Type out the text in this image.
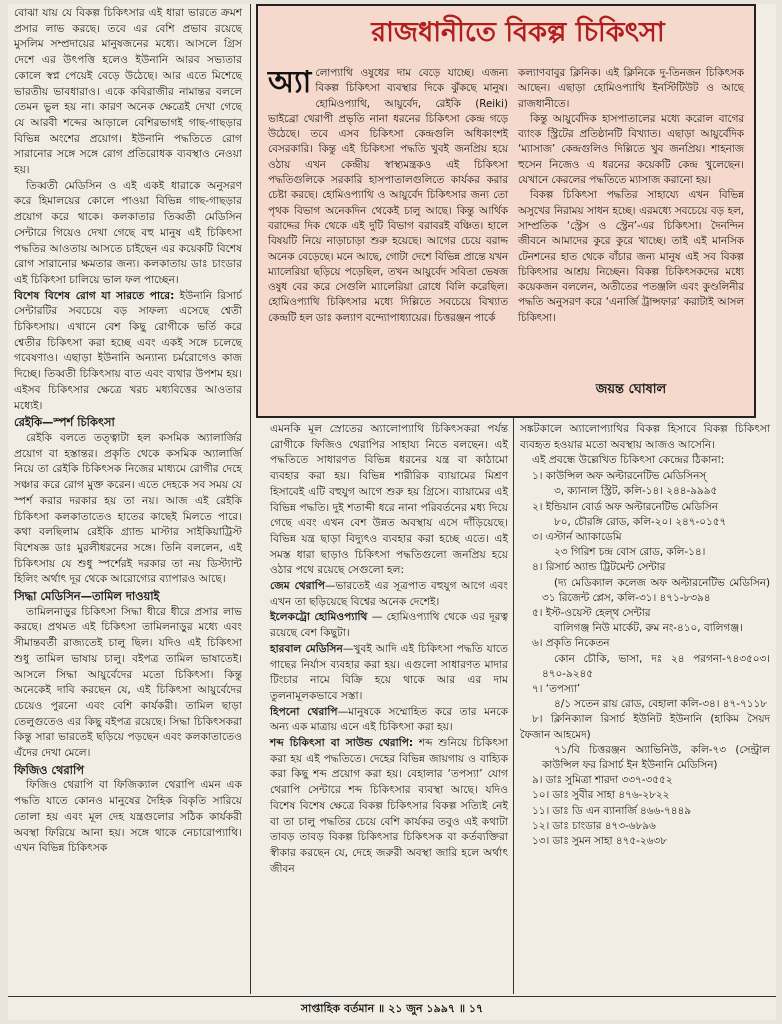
বোঝা যায় যে বিকল্প চিকিৎসার এই ধারা ভারতে ক্রমশ প্রসার লাভ করছে। তবে এর বেশি প্রভাব রয়েছে মুসলিম সম্প্রদায়ের মানুষজনের মধ্যে। আসলে গ্রিস দেশে এর উৎপত্তি হলেও ইউনানি আরব সভ্যতার কোলে স্বপ্ন পেয়েই বেড়ে উঠেছে। আর এতে মিশেছে ভারতীয় ভাবধারাও। একে কবিরাজীর নামান্তর বললে তেমন ভুল হয় না। কারণ অনেক ক্ষেত্রেই দেখা গেছে যে আরবী শব্দের আড়ালে বেশিরভাগই গাছ-গাছড়ার বিভিন্ন অংশের প্রয়োগ। ইউনানি পদ্ধতিতে রোগ সারানোর সঙ্গে সঙ্গে রোগ প্রতিরোধক ব্যবস্থাও নেওয়া হয়।

তিব্বতী মেডিসিন ও এই একই ধারাকে অনুসরণ করে হিমালয়ের কোলে পাওয়া বিভিন্ন গাছ-গাছড়ার প্রয়োগ করে থাকে। কলকাতার তিব্বতী মেডিসিন সেন্টারে গিয়েও দেখা গেছে বহু মানুষ এই চিকিৎসা পদ্ধতির আওতায় আসতে চাইছেন এর কয়েকটি বিশেষ রোগ সারানোর ক্ষমতার জন্য। কলকাতায় ডাঃ চাংডার এই চিকিৎসা চালিয়ে ভাল ফল পাচ্ছেন।

বিশেষ বিশেষ রোগ যা সারতে পারে: ইউনানি রিসার্চ সেন্টারটির সবচেয়ে বড় সাফল্য এসেছে শ্বেতী চিকিৎসায়। এখানে বেশ কিছু রোগীকে ভর্তি করে শ্বেতীর চিকিৎসা করা হচ্ছে এবং একই সঙ্গে চলেছে গবেষণাও। এছাড়া ইউনানি অন্যান্য চর্মরোগেও কাজ দিচ্ছে। তিব্বতী চিকিৎসায় বাত এবং ব্যথার উপশম হয়। এইসব চিকিৎসার ক্ষেত্রে খরচ মধ্যবিত্তের আওতার মধ্যেই।

রেইকি—স্পর্শ চিকিৎসা

রেইকি বলতে তত্ত্বাটা হল কসমিক অ্যালার্জির প্রয়োগ বা হস্তান্তর। প্রকৃতি থেকে কসমিক অ্যালার্জি নিয়ে তা রেইকি চিকিৎসক নিজের মাধ্যমে রোগীর দেহে সঞ্চার করে রোগ মুক্ত করেন। এতে দেহকে সব সময় যে স্পর্শ করার দরকার হয় তা নয়। আজ এই রেইকি চিকিৎসা কলকাতাতেও হাতের কাছেই মিলতে পারে। কথা বলছিলাম রেইকি গ্র্যান্ড মাস্টার সাইকিয়াট্রিস্ট বিশেষজ্ঞ ডাঃ মুরলীধরনের সঙ্গে। তিনি বললেন, এই চিকিৎসায় যে শুধু স্পর্শেরই দরকার তা নয় ডিস্ট্যান্ট হিলিং অর্থাৎ দূর থেকে আরোগ্যের ব্যাপারও আছে।

সিদ্ধা মেডিসিন—তামিল দাওয়াই

তামিলনাড়ুর চিকিৎসা সিদ্ধা ধীরে ধীরে প্রসার লাভ করছে। প্রথমত এই চিকিৎসা তামিলনাড়ুর মধ্যে এবং সীমান্তবর্তী রাজ্যতেই চালু ছিল। যদিও এই চিকিৎসা শুধু তামিল ভাষায় চালু। বইপত্র তামিল ভাষাতেই। আসলে সিদ্ধা আয়ুর্বেদের মতো চিকিৎসা। কিন্তু অনেকেই দাবি করছেন যে, এই চিকিৎসা আয়ুর্বেদের চেয়েও পুরনো এবং বেশি কার্যকরী। তামিল ছাড়া তেলুগুতেও এর কিছু বইপত্র রয়েছে। সিদ্ধা চিকিৎসকরা কিন্তু সারা ভারতেই ছড়িয়ে পড়ছেন এবং কলকাতাতেও এঁদের দেখা মেলে।

ফিজিও থেরাপি

ফিজিও থেরাপি বা ফিজিক্যাল থেরাপি এমন এক পদ্ধতি যাতে কোনও মানুষের দৈহিক বিকৃতি সারিয়ে তোলা হয় এবং মূল দেহ যন্ত্রগুলোর সঠিক কার্যকরী অবস্থা ফিরিয়ে আনা হয়। সঙ্গে থাকে নেচারোপ্যাথি। এখন বিভিন্ন চিকিৎসক

রাজধানীতে বিকল্প চিকিৎসা

অ্যা লোপ্যাথি ওষুধের দাম বেড়ে যাচ্ছে। এজন্য বিকল্প চিকিৎসা ব্যবস্থার দিকে ঝুঁকছে মানুষ। হোমিওপ্যাথি, আয়ুর্বেদ, রেইকি (Reiki) ভাইব্রো থেরাপী প্রভৃতি নানা ধরনের চিকিৎসা কেন্দ্র গড়ে উঠেছে। তবে এসব চিকিৎসা কেন্দ্রগুলি অধিকাংশই বেসরকারি। কিন্তু এই চিকিৎসা পদ্ধতি খুবই জনপ্রিয় হয়ে ওঠায় এখন কেন্দ্রীয় স্বাস্থ্যমন্ত্রকও এই চিকিৎসা পদ্ধতিগুলিকে সরকারি হাসপাতালগুলিতে কার্যকর করার চেষ্টা করছে। হোমিওপ্যাথি ও আয়ুর্বেদ চিকিৎসার জন্য তো পৃথক বিভাগ অনেকদিন থেকেই চালু আছে। কিন্তু আর্থিক বরাদ্দের দিক থেকে এই দুটি বিভাগ বরাবরই বঞ্চিত। হালে বিষয়টি নিয়ে নাড়াচাড়া শুরু হয়েছে। আগের চেয়ে বরাদ্দ অনেক বেড়েছে। মনে আছে, গোটা দেশে বিভিন্ন প্রান্তে যখন ম্যালেরিয়া ছড়িয়ে পড়েছিল, তখন আয়ুর্বেদ সবিতা ভেষজ ওষুধ বের করে সেগুলি ম্যালেরিয়া রোধে বিলি করেছিল। হোমিওপ্যাথি চিকিৎসার মধ্যে দিল্লিতে সবচেয়ে বিখ্যাত কেন্দ্রটি হল ডাঃ কল্যাণ বন্দ্যোপাধ্যায়ের। চিত্তরঞ্জন পার্কে

কল্যাণবাবুর ক্লিনিক। এই ক্লিনিকে দু-তিনজন চিকিৎসক আছেন। এছাড়া হোমিওপ্যাথি ইনস্টিটিউট ও আছে রাজধানীতে।

কিন্তু আয়ুর্বেদিক হাসপাতালের মধ্যে করোল বাগের ব্যাংক স্ট্রিটের প্রতিষ্ঠানটি বিখ্যাত। এছাড়া আয়ুর্বেদিক ‘ম্যাসাজ’ কেন্দ্রগুলিও দিল্লিতে খুব জনপ্রিয়। শাহনাজ হুসেন নিজেও এ ধরনের কয়েকটি কেন্দ্র খুলেছেন। যেখানে কেরলের পদ্ধতিতে ম্যাসাজ করানো হয়।

বিকল্প চিকিৎসা পদ্ধতির সাহায্যে এখন বিভিন্ন অসুখের নিরাময় সাধন হচ্ছে। এরমধ্যে সবচেয়ে বড় হল, সাম্প্রতিক ‘স্ট্রেস ও স্ট্রেন’-এর চিকিৎসা। দৈনন্দিন জীবনে আমাদের কুরে কুরে খাচ্ছে। তাই এই মানসিক টেনশনের হাত থেকে বাঁচার জন্য মানুষ এই সব বিকল্প চিকিৎসার আশ্রয় নিচ্ছেন। বিকল্প চিকিৎসকদের মধ্যে কয়েকজন বললেন, অতীতের পতঞ্জলি এবং কুণ্ডলিনীর পদ্ধতি অনুসরণ করে ‘এনার্জি ট্রান্সফার’ করাটাই আসল চিকিৎসা।

জয়ন্ত ঘোষাল

এমনকি মূল স্রোতের অ্যালোপ্যাথি চিকিৎসকরা পর্যন্ত রোগীকে ফিজিও থেরাপির সাহায্য নিতে বলছেন। এই পদ্ধতিতে সাধারণত বিভিন্ন ধরনের যন্ত্র বা কাঠামো ব্যবহার করা হয়। বিভিন্ন শারীরিক ব্যায়ামের মিশ্রণ হিসাবেই এটি বহুযুগ আগে শুরু হয় গ্রিসে। ব্যায়ামের এই বিভিন্ন পদ্ধতি। দুই শতাব্দী ধরে নানা পরিবর্তনের মধ্য দিয়ে গেছে এবং এখন বেশ উন্নত অবস্থায় এসে দাঁড়িয়েছে। বিভিন্ন যন্ত্র ছাড়া বিদ্যুৎও ব্যবহার করা হচ্ছে এতে। এই সমস্ত ধারা ছাড়াও চিকিৎসা পদ্ধতিগুলো জনপ্রিয় হয়ে ওঠার পথে রয়েছে সেগুলো হল:

জেম থেরাপি—ভারতেই এর সূত্রপাত বহুযুগ আগে এবং এখন তা ছড়িয়েছে বিশ্বের অনেক দেশেই।

ইলেকট্রো হোমিওপ্যাথি — হোমিওপ্যাথি থেকে এর দূরত্ব রয়েছে বেশ কিছুটা।

হারবাল মেডিসিন—খুবই আদি এই চিকিৎসা পদ্ধতি যাতে গাছের নির্যাস ব্যবহার করা হয়। এগুলো সাধারণত মাদার টিংচার নামে বিক্রি হয়ে থাকে আর এর দাম তুলনামূলকভাবে সস্তা।

হিপনো থেরাপি—মানুষকে সম্মোহিত করে তার মনকে অন্য এক মাত্রায় এনে এই চিকিৎসা করা হয়।

শব্দ চিকিৎসা বা সাউন্ড থেরাপি: শব্দ শুনিয়ে চিকিৎসা করা হয় এই পদ্ধতিতে। দেহের বিভিন্ন জায়গায় ও বাহ্যিক করা কিছু শব্দ প্রয়োগ করা হয়। বেহালার ‘তপস্যা’ যোগ থেরাপি সেন্টারে শব্দ চিকিৎসার ব্যবস্থা আছে। যদিও বিশেষ বিশেষ ক্ষেত্রে বিকল্প চিকিৎসার বিকল্প সত্যিই নেই বা তা চালু পদ্ধতির চেয়ে বেশি কার্যকর তবুও এই কথাটা তাবড় তাবড় বিকল্প চিকিৎসার চিকিৎসক বা কর্তব্যক্তিরা স্বীকার করছেন যে, দেহে জরুরী অবস্থা জারি হলে অর্থাৎ জীবন

সঙ্কটকালে অ্যালোপ্যাথির বিকল্প হিসাবে বিকল্প চিকিৎসা ব্যবহৃত হওয়ার মতো অবস্থায় আজও আসেনি।

এই প্রবন্ধে উল্লেখিত চিকিৎসা কেন্দ্রের ঠিকানা:

১। কাউন্সিল অফ অল্টারনেটিভ মেডিসিনস্
৩, ক্যানাল স্ট্রিট, কলি-১৪। ২৪৪-৯৯৯৫

২। ইন্ডিয়ান বোর্ড অফ অল্টারনেটিভ মেডিসিন
৮০, চৌরঙ্গি রোড, কলি-২০। ২৪৭-০১৫৭

৩। এস্টার্ন অ্যাকাডেমি
২৩ গিরিশ চন্দ্র বোস রোড, কলি-১৪।

৪। রিসার্চ অ্যান্ড ট্রিটমেন্ট সেন্টার
(দ্য মেডিক্যাল কলেজ অফ অল্টারনেটিভ মেডিসিন) ৩১ রিজেন্ট প্লেস, কলি-৩১। ৪৭১-৮৩৯৪

৫। ইস্ট-ওয়েস্ট হেল্থ সেন্টার
বালিগঞ্জ নিউ মার্কেট, রুম নং-৪১০, বালিগঞ্জ।

৬। প্রকৃতি নিকেতন
কোন চৌকি, ভাসা, দঃ ২৪ পরগনা-৭৪৩৫০৩। ৪৭০-৯২৪৫

৭। ‘তপস্যা’
৪/১ সতেন রায় রোড, বেহালা কলি-৩৪। ৪৭-৭১১৮

৮। ক্লিনিক্যাল রিসার্চ ইউনিট ইউনানি (হাকিম সৈয়দ ফৈজান আহমেদ)
৭১/বি চিত্তরঞ্জন অ্যাভিনিউ, কলি-৭৩ (সেন্ট্রাল কাউন্সিল ফর রিসার্চ ইন ইউনানি মেডিসিন)

৯। ডাঃ সুমিত্রা শারদা ৩৩৭-৩৫৫২

১০। ডাঃ সুবীর সাহা ৪৭৬-২৮২২

১১। ডাঃ ডি এন ব্যানার্জি ৪৬৬-৭৪৪৯

১২। ডাঃ চাংডার ৪৭৩-৬৮৯৬

১৩। ডাঃ সুমন সাহা ৪৭৫-২৬৩৮

সাপ্তাহিক বর্তমান ॥ ২১ জুন ১৯৯৭ ॥ ১৭
